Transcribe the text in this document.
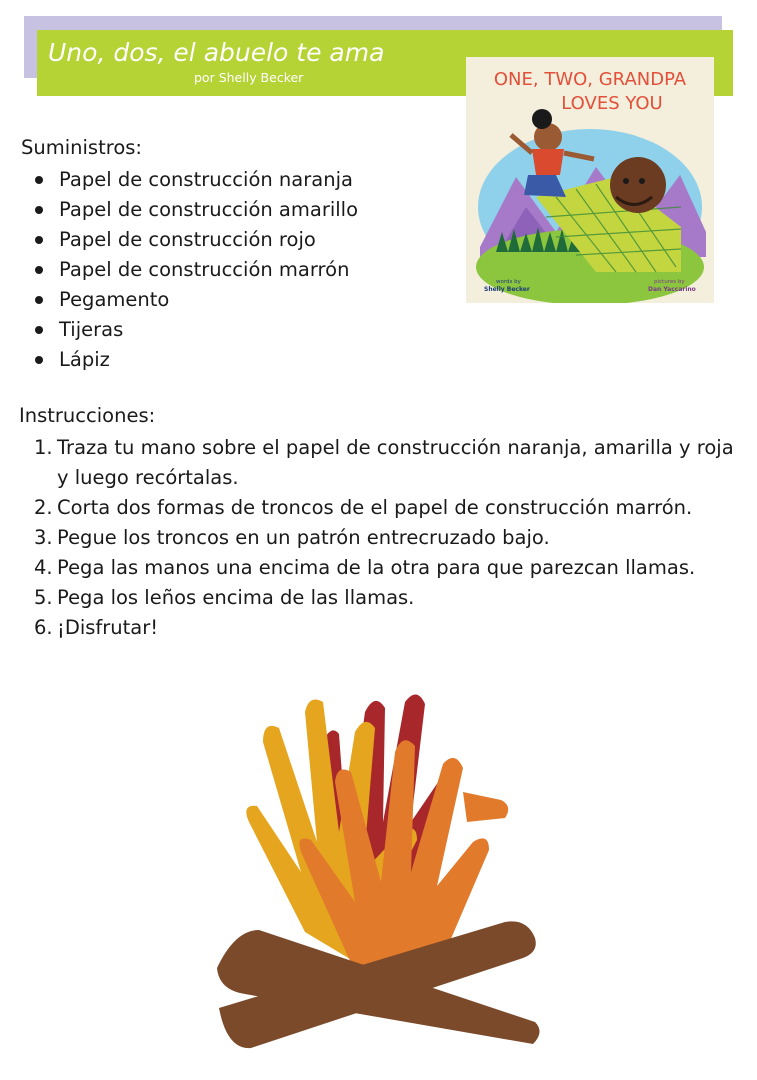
Uno, dos, el abuelo te ama
por Shelly Becker	ONE, TWO, GRANDPA
LOVES YOU
words by
Shelly Becker
pictures by
Dan Yaccarino
Suministros:
Papel de construcción naranja
Papel de construcción amarillo
Papel de construcción rojo
Papel de construcción marrón
Pegamento
Tijeras
Lápiz
Instrucciones:
1. Traza tu mano sobre el papel de construcción naranja, amarilla y roja y luego recórtalas.
2. Corta dos formas de troncos de el papel de construcción marrón.
3. Pegue los troncos en un patrón entrecruzado bajo.
4. Pega las manos una encima de la otra para que parezcan llamas.
5. Pega los leños encima de las llamas.
6. ¡Disfrutar!
